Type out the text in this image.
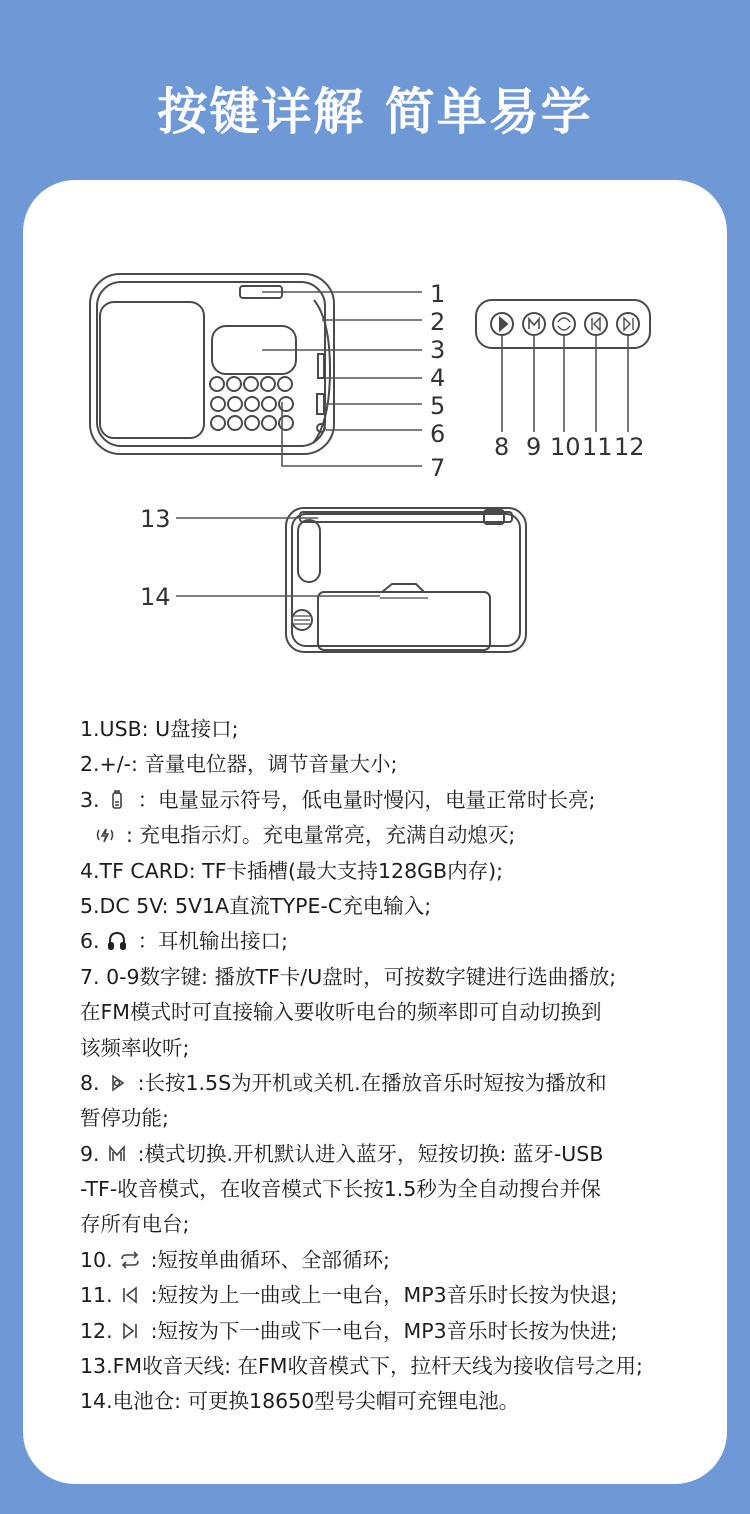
按键详解 简单易学
1
2
3
4
5
6
7
8 9 10 11 12
13
14
1.USB: U盘接口;
2.+/-: 音量电位器，调节音量大小;
3. ：电量显示符号，低电量时慢闪，电量正常时长亮;
: 充电指示灯。充电量常亮，充满自动熄灭;
4.TF CARD: TF卡插槽(最大支持128GB内存);
5.DC 5V: 5V1A直流TYPE-C充电输入;
6. ：耳机输出接口;
7. 0-9数字键: 播放TF卡/U盘时，可按数字键进行选曲播放;
在FM模式时可直接输入要收听电台的频率即可自动切换到
该频率收听;
8. :长按1.5S为开机或关机.在播放音乐时短按为播放和
暂停功能;
9. :模式切换.开机默认进入蓝牙，短按切换: 蓝牙-USB
-TF-收音模式，在收音模式下长按1.5秒为全自动搜台并保
存所有电台;
10. :短按单曲循环、全部循环;
11. :短按为上一曲或上一电台，MP3音乐时长按为快退;
12. :短按为下一曲或下一电台，MP3音乐时长按为快进;
13.FM收音天线: 在FM收音模式下，拉杆天线为接收信号之用;
14.电池仓: 可更换18650型号尖帽可充锂电池。
